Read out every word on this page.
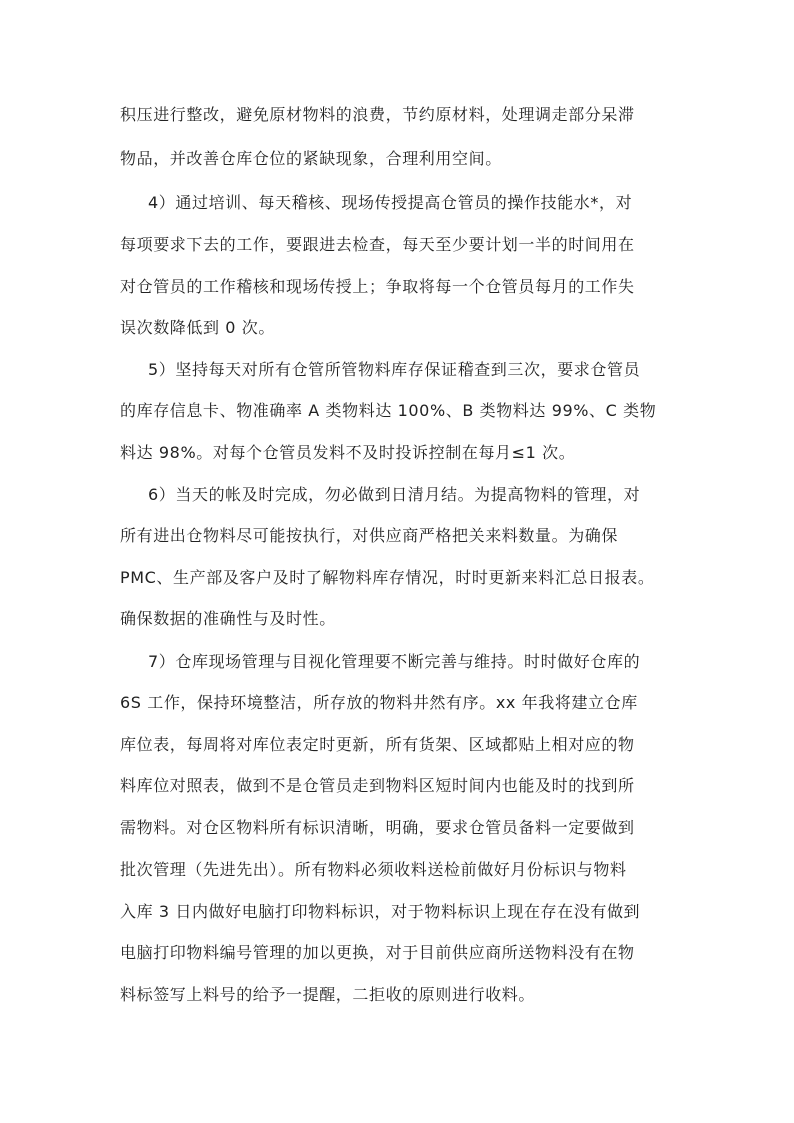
积压进行整改，避免原材物料的浪费，节约原材料，处理调走部分呆滞
物品，并改善仓库仓位的紧缺现象，合理利用空间。
4）通过培训、每天稽核、现场传授提高仓管员的操作技能水*，对
每项要求下去的工作，要跟进去检查，每天至少要计划一半的时间用在
对仓管员的工作稽核和现场传授上；争取将每一个仓管员每月的工作失
误次数降低到 0 次。
5）坚持每天对所有仓管所管物料库存保证稽查到三次，要求仓管员
的库存信息卡、物准确率 A 类物料达 100%、B 类物料达 99%、C 类物
料达 98%。对每个仓管员发料不及时投诉控制在每月≤1 次。
6）当天的帐及时完成，勿必做到日清月结。为提高物料的管理，对
所有进出仓物料尽可能按执行，对供应商严格把关来料数量。为确保
PMC、生产部及客户及时了解物料库存情况，时时更新来料汇总日报表。
确保数据的准确性与及时性。
7）仓库现场管理与目视化管理要不断完善与维持。时时做好仓库的
6S 工作，保持环境整洁，所存放的物料井然有序。xx 年我将建立仓库
库位表，每周将对库位表定时更新，所有货架、区域都贴上相对应的物
料库位对照表，做到不是仓管员走到物料区短时间内也能及时的找到所
需物料。对仓区物料所有标识清晰，明确，要求仓管员备料一定要做到
批次管理（先进先出）。所有物料必须收料送检前做好月份标识与物料
入库 3 日内做好电脑打印物料标识，对于物料标识上现在存在没有做到
电脑打印物料编号管理的加以更换，对于目前供应商所送物料没有在物
料标签写上料号的给予一提醒，二拒收的原则进行收料。
